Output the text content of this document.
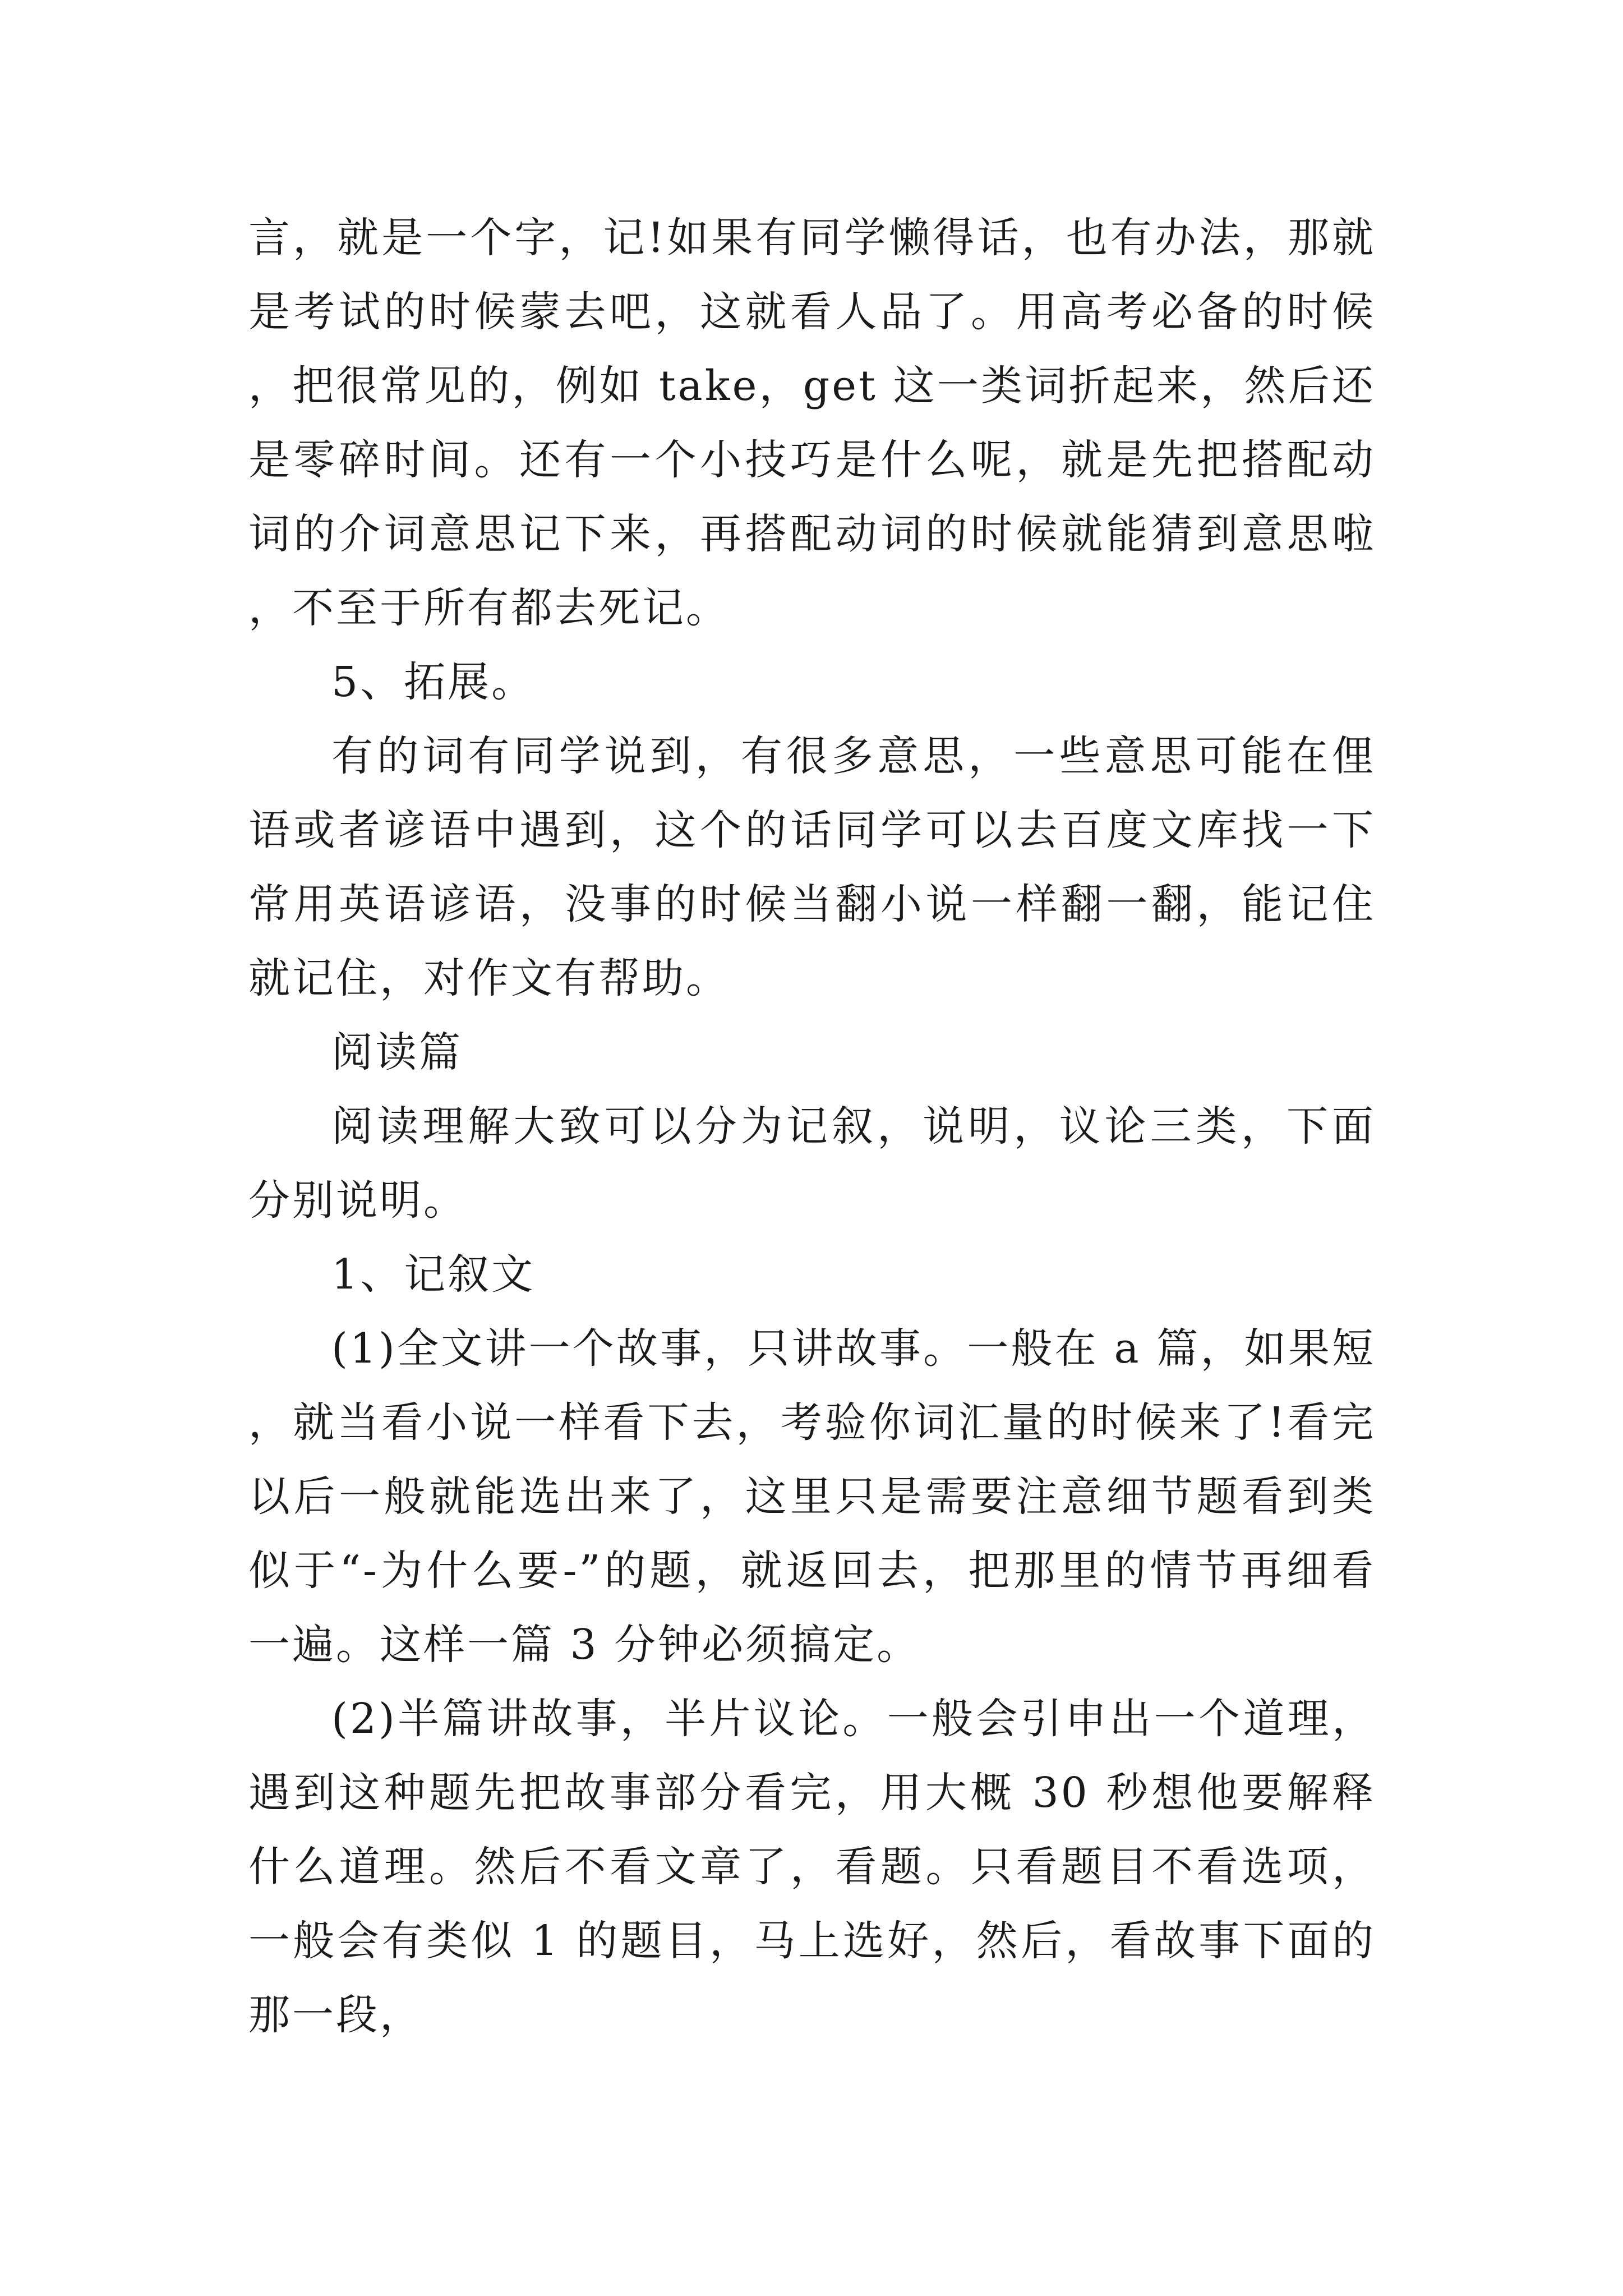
言，就是一个字，记!如果有同学懒得话，也有办法，那就是考试的时候蒙去吧，这就看人品了。用高考必备的时候，把很常见的，例如 take，get 这一类词折起来，然后还是零碎时间。还有一个小技巧是什么呢，就是先把搭配动词的介词意思记下来，再搭配动词的时候就能猜到意思啦，不至于所有都去死记。

5、拓展。

有的词有同学说到，有很多意思，一些意思可能在俚语或者谚语中遇到，这个的话同学可以去百度文库找一下常用英语谚语，没事的时候当翻小说一样翻一翻，能记住就记住，对作文有帮助。

阅读篇

阅读理解大致可以分为记叙，说明，议论三类，下面分别说明。

1、记叙文

(1)全文讲一个故事，只讲故事。一般在 a 篇，如果短，就当看小说一样看下去，考验你词汇量的时候来了!看完以后一般就能选出来了，这里只是需要注意细节题看到类似于“-为什么要-”的题，就返回去，把那里的情节再细看一遍。这样一篇 3 分钟必须搞定。

(2)半篇讲故事，半片议论。一般会引申出一个道理，遇到这种题先把故事部分看完，用大概 30 秒想他要解释什么道理。然后不看文章了，看题。只看题目不看选项，一般会有类似 1 的题目，马上选好，然后，看故事下面的那一段，
